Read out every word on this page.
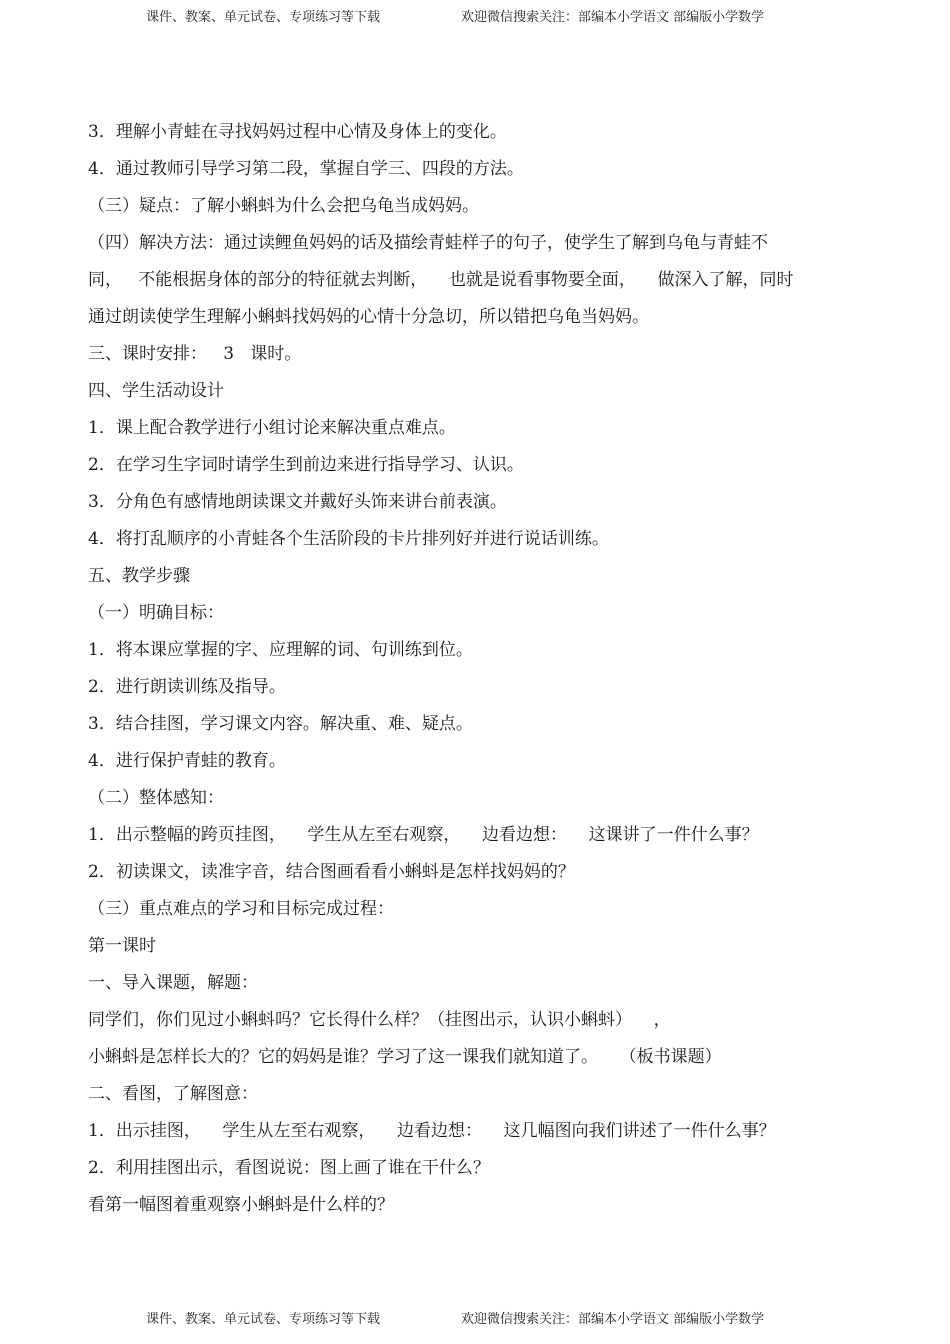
课件、教案、单元试卷、专项练习等下载	欢迎微信搜索关注：部编本小学语文 部编版小学数学
3．理解小青蛙在寻找妈妈过程中心情及身体上的变化。
4．通过教师引导学习第二段，掌握自学三、四段的方法。
（三）疑点：了解小蝌蚪为什么会把乌龟当成妈妈。
（四）解决方法：通过读鲤鱼妈妈的话及描绘青蛙样子的句子，使学生了解到乌龟与青蛙不
同，   不能根据身体的部分的特征就去判断，    也就是说看事物要全面，    做深入了解，同时
通过朗读使学生理解小蝌蚪找妈妈的心情十分急切，所以错把乌龟当妈妈。
三、课时安排：   3   课时。
四、学生活动设计
1．课上配合教学进行小组讨论来解决重点难点。
2．在学习生字词时请学生到前边来进行指导学习、认识。
3．分角色有感情地朗读课文并戴好头饰来讲台前表演。
4．将打乱顺序的小青蛙各个生活阶段的卡片排列好并进行说话训练。
五、教学步骤
（一）明确目标：
1．将本课应掌握的字、应理解的词、句训练到位。
2．进行朗读训练及指导。
3．结合挂图，学习课文内容。解决重、难、疑点。
4．进行保护青蛙的教育。
（二）整体感知：
1．出示整幅的跨页挂图，    学生从左至右观察，    边看边想：    这课讲了一件什么事？
2．初读课文，读准字音，结合图画看看小蝌蚪是怎样找妈妈的？
（三）重点难点的学习和目标完成过程：
第一课时
一、导入课题，解题：
同学们，你们见过小蝌蚪吗？它长得什么样？（挂图出示，认识小蝌蚪）    ，
小蝌蚪是怎样长大的？它的妈妈是谁？学习了这一课我们就知道了。    （板书课题）
二、看图，了解图意：
1．出示挂图，    学生从左至右观察，    边看边想：    这几幅图向我们讲述了一件什么事？
2．利用挂图出示，看图说说：图上画了谁在干什么？
看第一幅图着重观察小蝌蚪是什么样的？
课件、教案、单元试卷、专项练习等下载	欢迎微信搜索关注：部编本小学语文 部编版小学数学
